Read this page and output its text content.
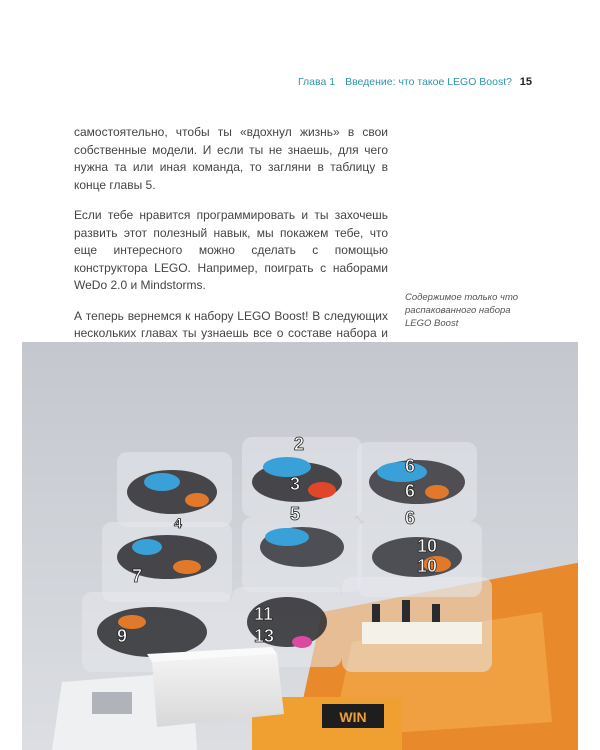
Глава 1 Введение: что такое LEGO Boost? 15

самостоятельно, чтобы ты «вдохнул жизнь» в свои собственные модели. И если ты не знаешь, для чего нужна та или иная команда, то загляни в таблицу в конце главы 5.

Если тебе нравится программировать и ты захочешь развить этот полезный навык, мы покажем тебе, что еще интересного можно сделать с помощью конструктора LEGO. Например, поиграть с наборами WeDo 2.0 и Mindstorms.

А теперь вернемся к набору LEGO Boost! В следующих нескольких главах ты узнаешь все о составе набора и

Содержимое только что распакованного набора LEGO Boost
WIN
2
3
5
6
6
6
7
10
10
9
11
13
4
